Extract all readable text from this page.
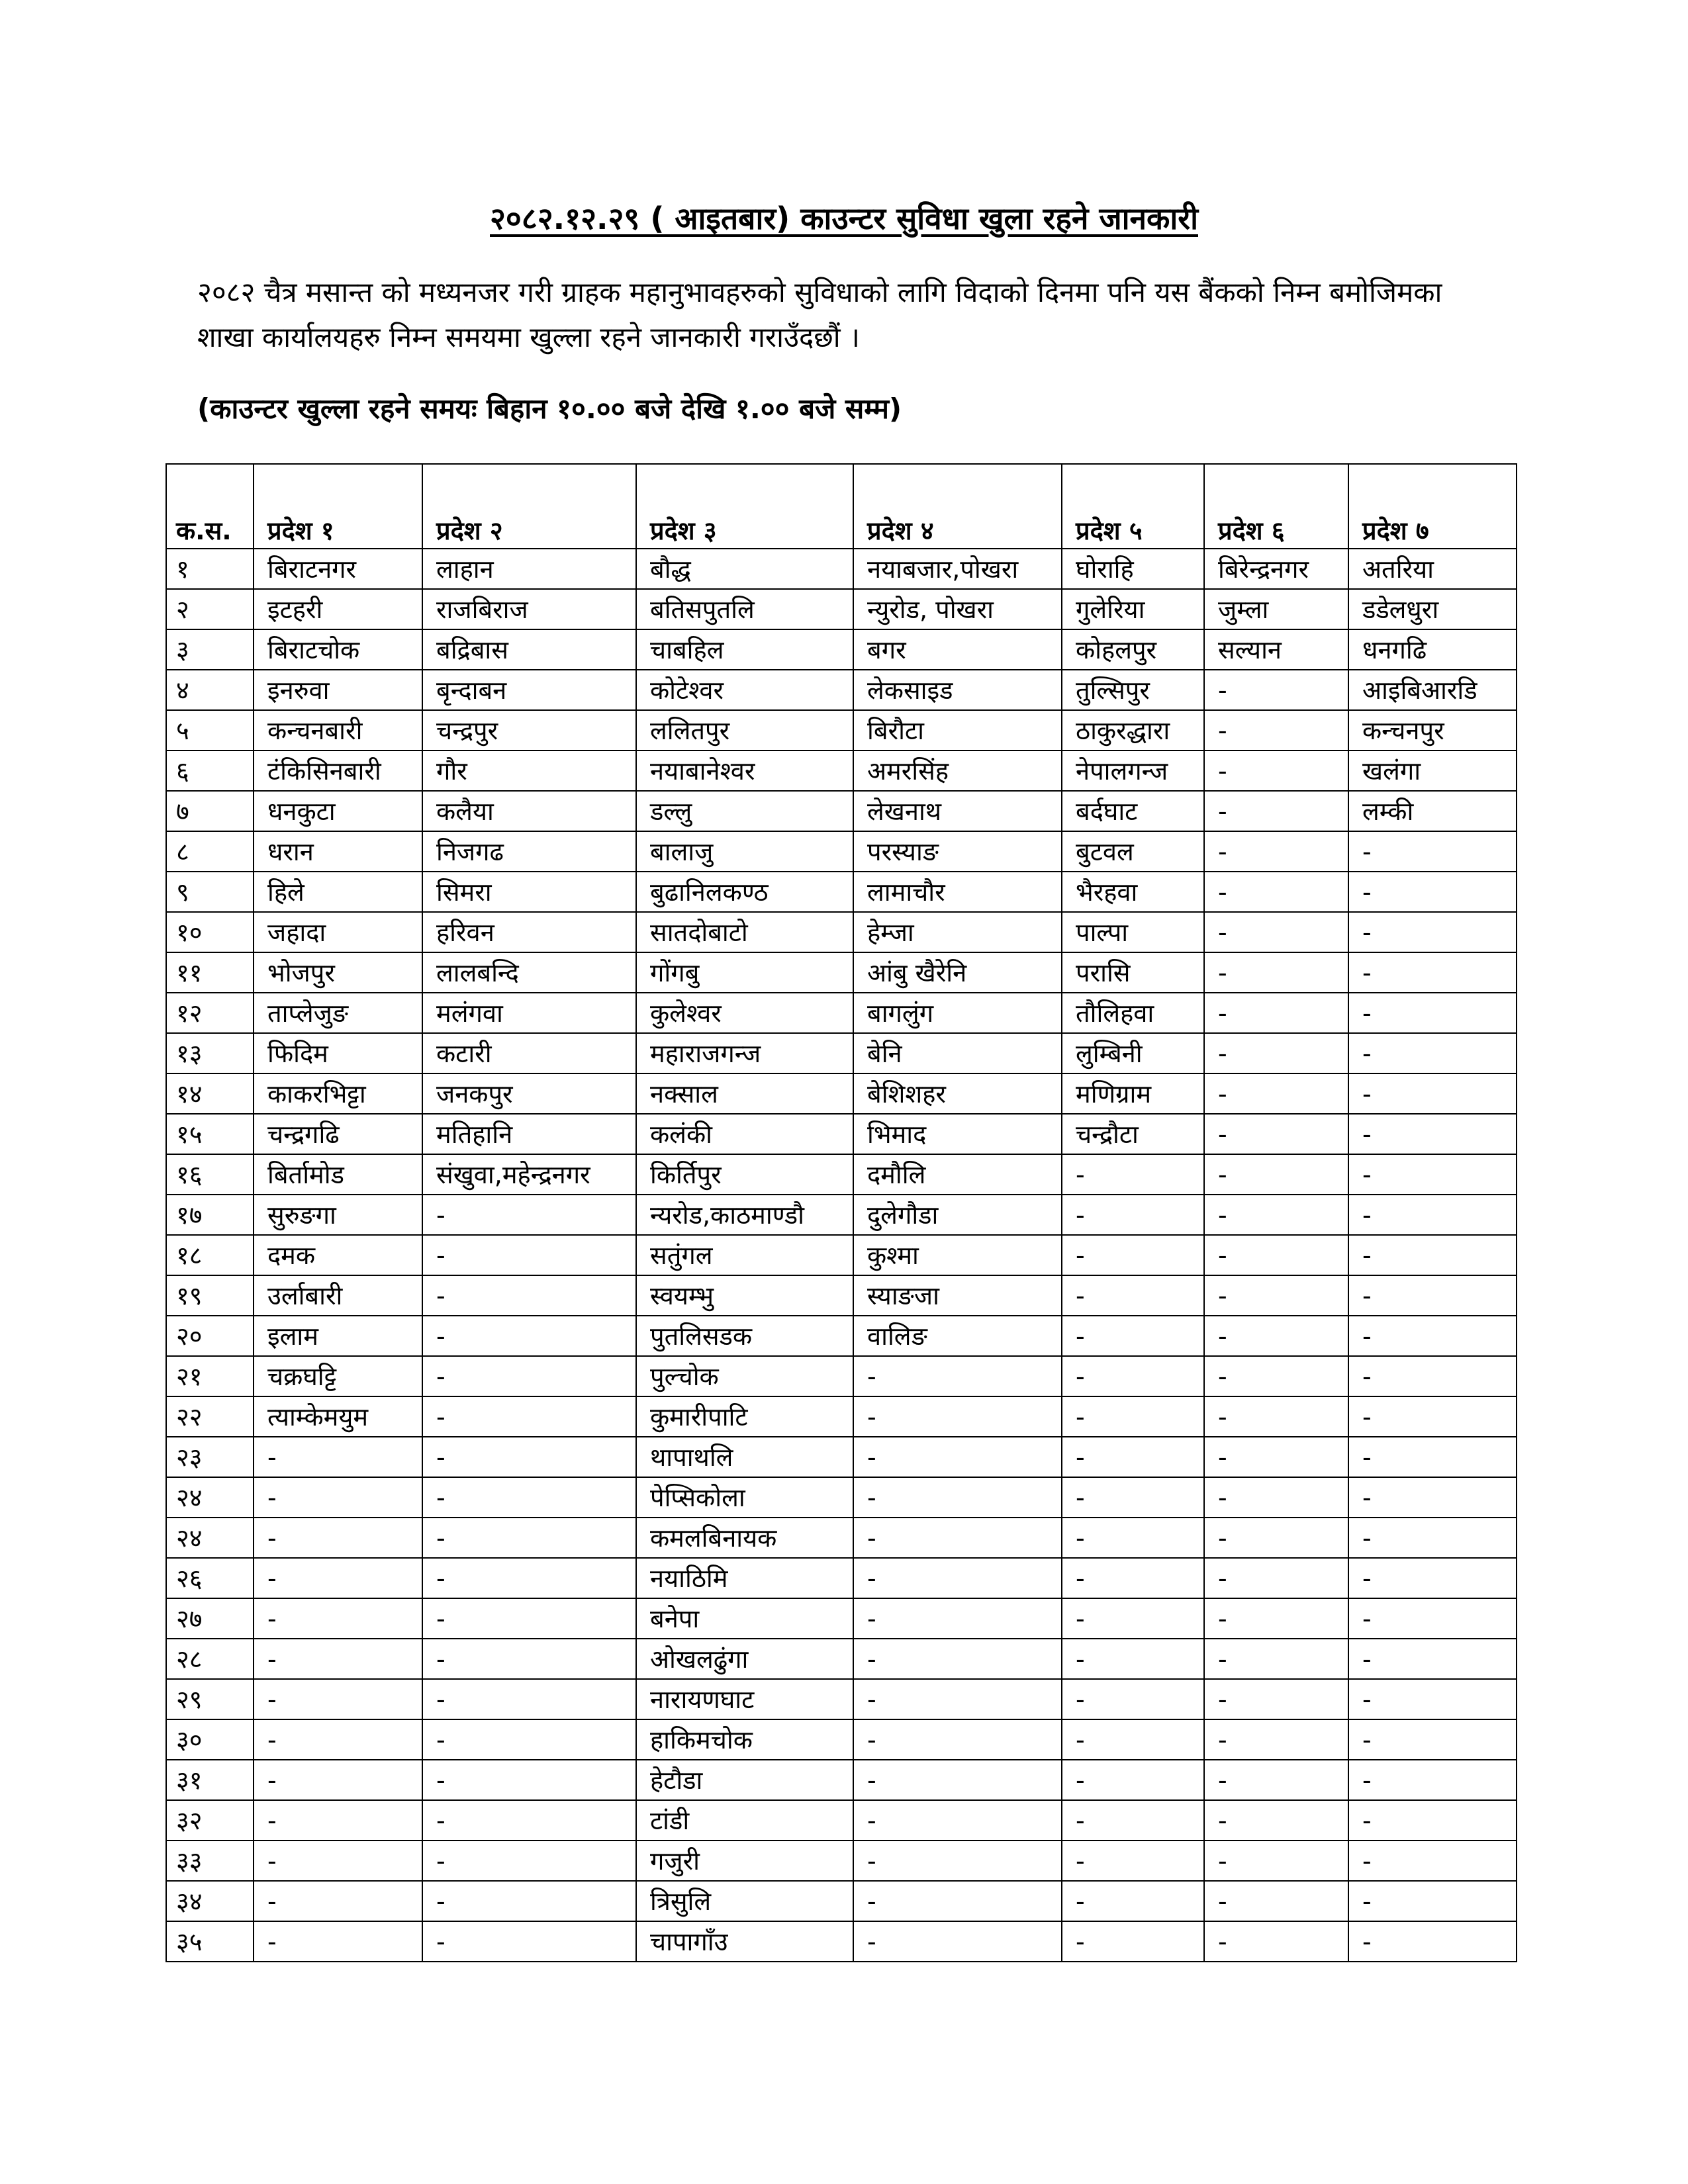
२०८२.१२.२९ ( आइतबार) काउन्टर सुविधा खुला रहने जानकारी
२०८२ चैत्र मसान्त को मध्यनजर गरी ग्राहक महानुभावहरुको सुविधाको लागि विदाको दिनमा पनि यस बैंकको निम्न बमोजिमका शाखा कार्यालयहरु निम्न समयमा खुल्ला रहने जानकारी गराउँदछौं ।
(काउन्टर खुल्ला रहने समयः बिहान १०.०० बजे देखि १.०० बजे सम्म)
क.स.	प्रदेश १	प्रदेश २	प्रदेश ३	प्रदेश ४	प्रदेश ५	प्रदेश ६	प्रदेश ७
१	बिराटनगर	लाहान	बौद्ध	नयाबजार,पोखरा	घोराहि	बिरेन्द्रनगर	अतरिया
२	इटहरी	राजबिराज	बतिसपुतलि	न्युरोड, पोखरा	गुलेरिया	जुम्ला	डडेलधुरा
३	बिराटचोक	बद्रिबास	चाबहिल	बगर	कोहलपुर	सल्यान	धनगढि
४	इनरुवा	बृन्दाबन	कोटेश्वर	लेकसाइड	तुल्सिपुर	-	आइबिआरडि
५	कन्चनबारी	चन्द्रपुर	ललितपुर	बिरौटा	ठाकुरद्धारा	-	कन्चनपुर
६	टंकिसिनबारी	गौर	नयाबानेश्वर	अमरसिंह	नेपालगन्ज	-	खलंगा
७	धनकुटा	कलैया	डल्लु	लेखनाथ	बर्दघाट	-	लम्की
८	धरान	निजगढ	बालाजु	परस्याङ	बुटवल	-	-
९	हिले	सिमरा	बुढानिलकण्ठ	लामाचौर	भैरहवा	-	-
१०	जहादा	हरिवन	सातदोबाटो	हेम्जा	पाल्पा	-	-
११	भोजपुर	लालबन्दि	गोंगबु	आंबु खैरेनि	परासि	-	-
१२	ताप्लेजुङ	मलंगवा	कुलेश्वर	बागलुंग	तौलिहवा	-	-
१३	फिदिम	कटारी	महाराजगन्ज	बेनि	लुम्बिनी	-	-
१४	काकरभिट्टा	जनकपुर	नक्साल	बेशिशहर	मणिग्राम	-	-
१५	चन्द्रगढि	मतिहानि	कलंकी	भिमाद	चन्द्रौटा	-	-
१६	बिर्तामोड	संखुवा,महेन्द्रनगर	किर्तिपुर	दमौलि	-	-	-
१७	सुरुङगा	-	न्यरोड,काठमाण्डौ	दुलेगौडा	-	-	-
१८	दमक	-	सतुंगल	कुश्मा	-	-	-
१९	उर्लाबारी	-	स्वयम्भु	स्याङजा	-	-	-
२०	इलाम	-	पुतलिसडक	वालिङ	-	-	-
२१	चक्रघट्टि	-	पुल्चोक	-	-	-	-
२२	त्याम्केमयुम	-	कुमारीपाटि	-	-	-	-
२३	-	-	थापाथलि	-	-	-	-
२४	-	-	पेप्सिकोला	-	-	-	-
२४	-	-	कमलबिनायक	-	-	-	-
२६	-	-	नयाठिमि	-	-	-	-
२७	-	-	बनेपा	-	-	-	-
२८	-	-	ओखलढुंगा	-	-	-	-
२९	-	-	नारायणघाट	-	-	-	-
३०	-	-	हाकिमचोक	-	-	-	-
३१	-	-	हेटौडा	-	-	-	-
३२	-	-	टांडी	-	-	-	-
३३	-	-	गजुरी	-	-	-	-
३४	-	-	त्रिसुलि	-	-	-	-
३५	-	-	चापागाँउ	-	-	-	-
